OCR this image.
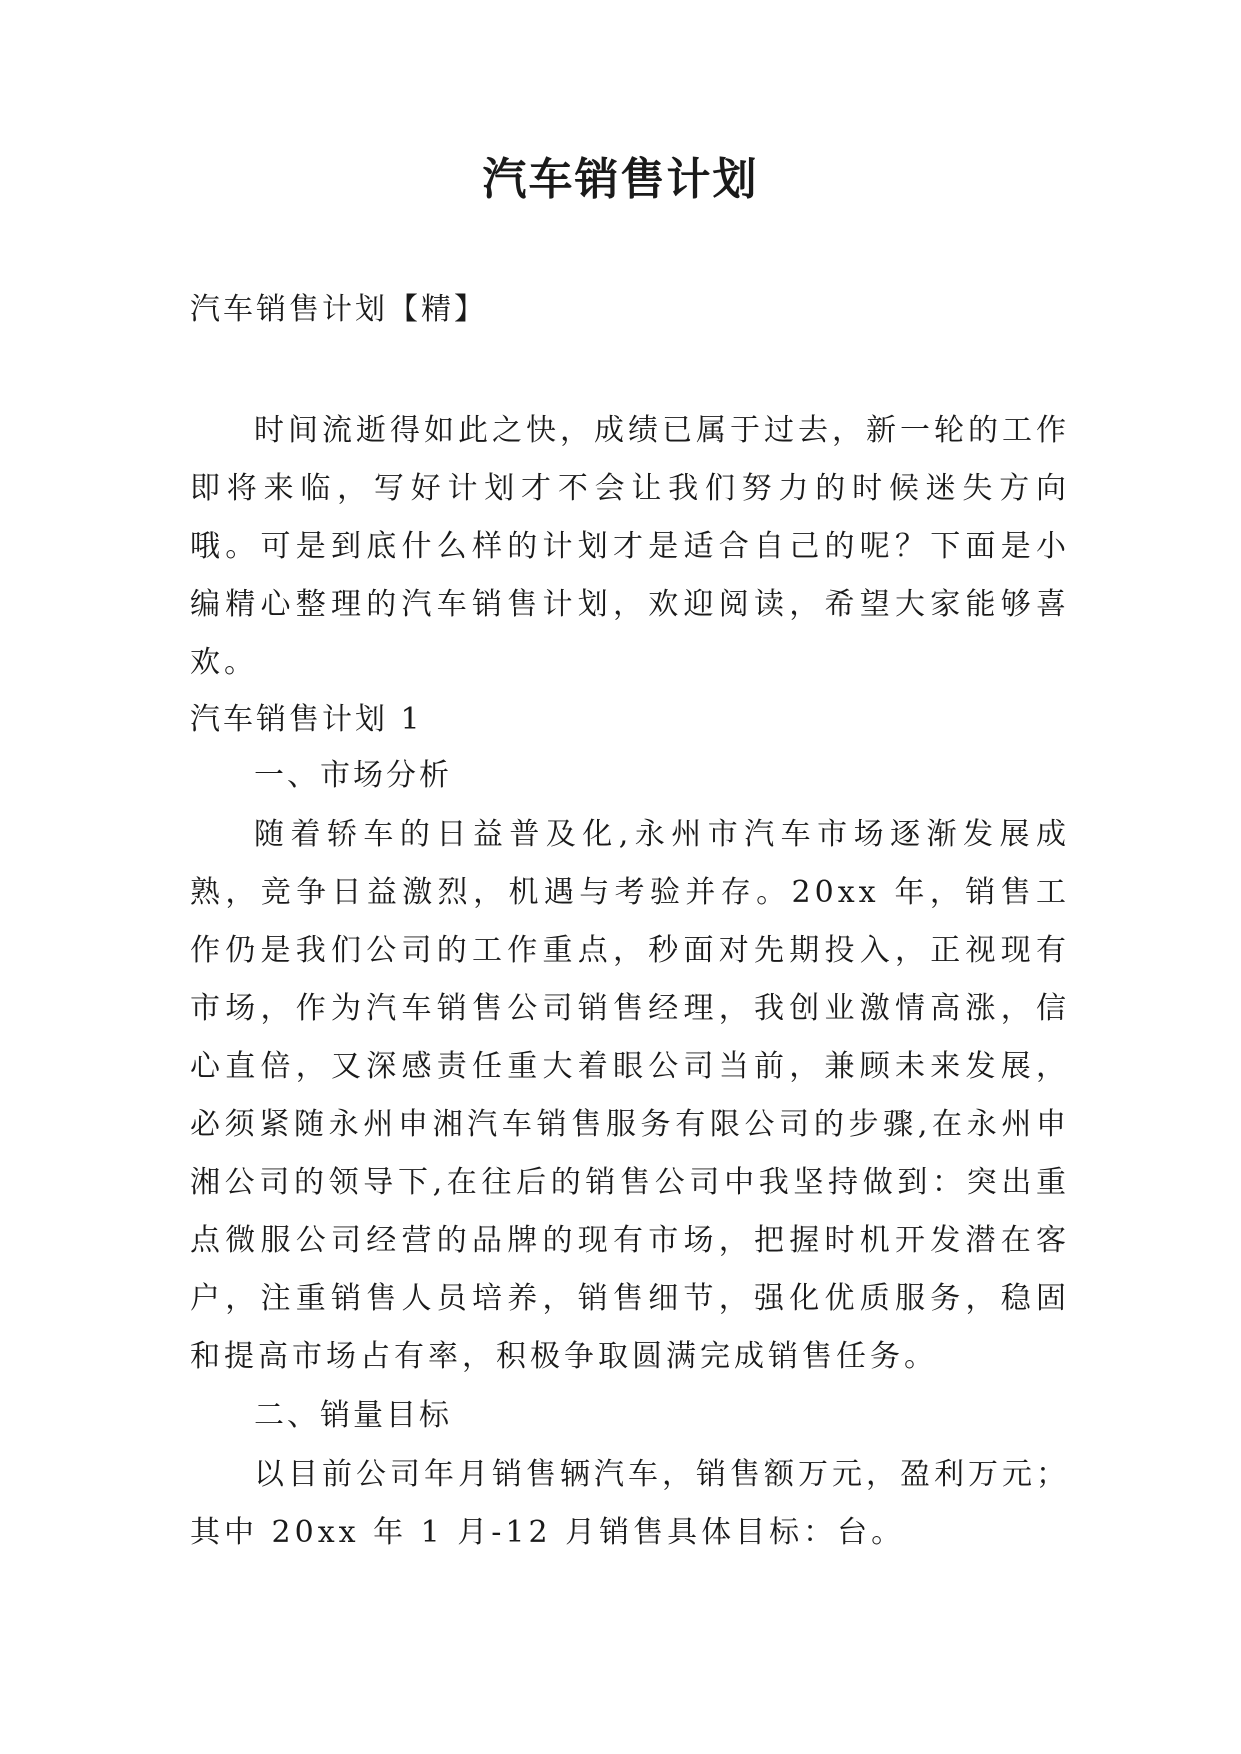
汽车销售计划
汽车销售计划【精】

时间流逝得如此之快，成绩已属于过去，新一轮的工作即将来临，写好计划才不会让我们努力的时候迷失方向哦。可是到底什么样的计划才是适合自己的呢？下面是小编精心整理的汽车销售计划，欢迎阅读，希望大家能够喜欢。

汽车销售计划 1
一、市场分析

随着轿车的日益普及化,永州市汽车市场逐渐发展成熟，竞争日益激烈，机遇与考验并存。20xx 年，销售工作仍是我们公司的工作重点，秒面对先期投入，正视现有市场，作为汽车销售公司销售经理，我创业激情高涨，信心直倍，又深感责任重大着眼公司当前，兼顾未来发展，必须紧随永州申湘汽车销售服务有限公司的步骤,在永州申湘公司的领导下,在往后的销售公司中我坚持做到：突出重点微服公司经营的品牌的现有市场，把握时机开发潜在客户，注重销售人员培养，销售细节，强化优质服务，稳固和提高市场占有率，积极争取圆满完成销售任务。

二、销量目标

以目前公司年月销售辆汽车，销售额万元，盈利万元；其中 20xx 年 1 月-12 月销售具体目标：台。
